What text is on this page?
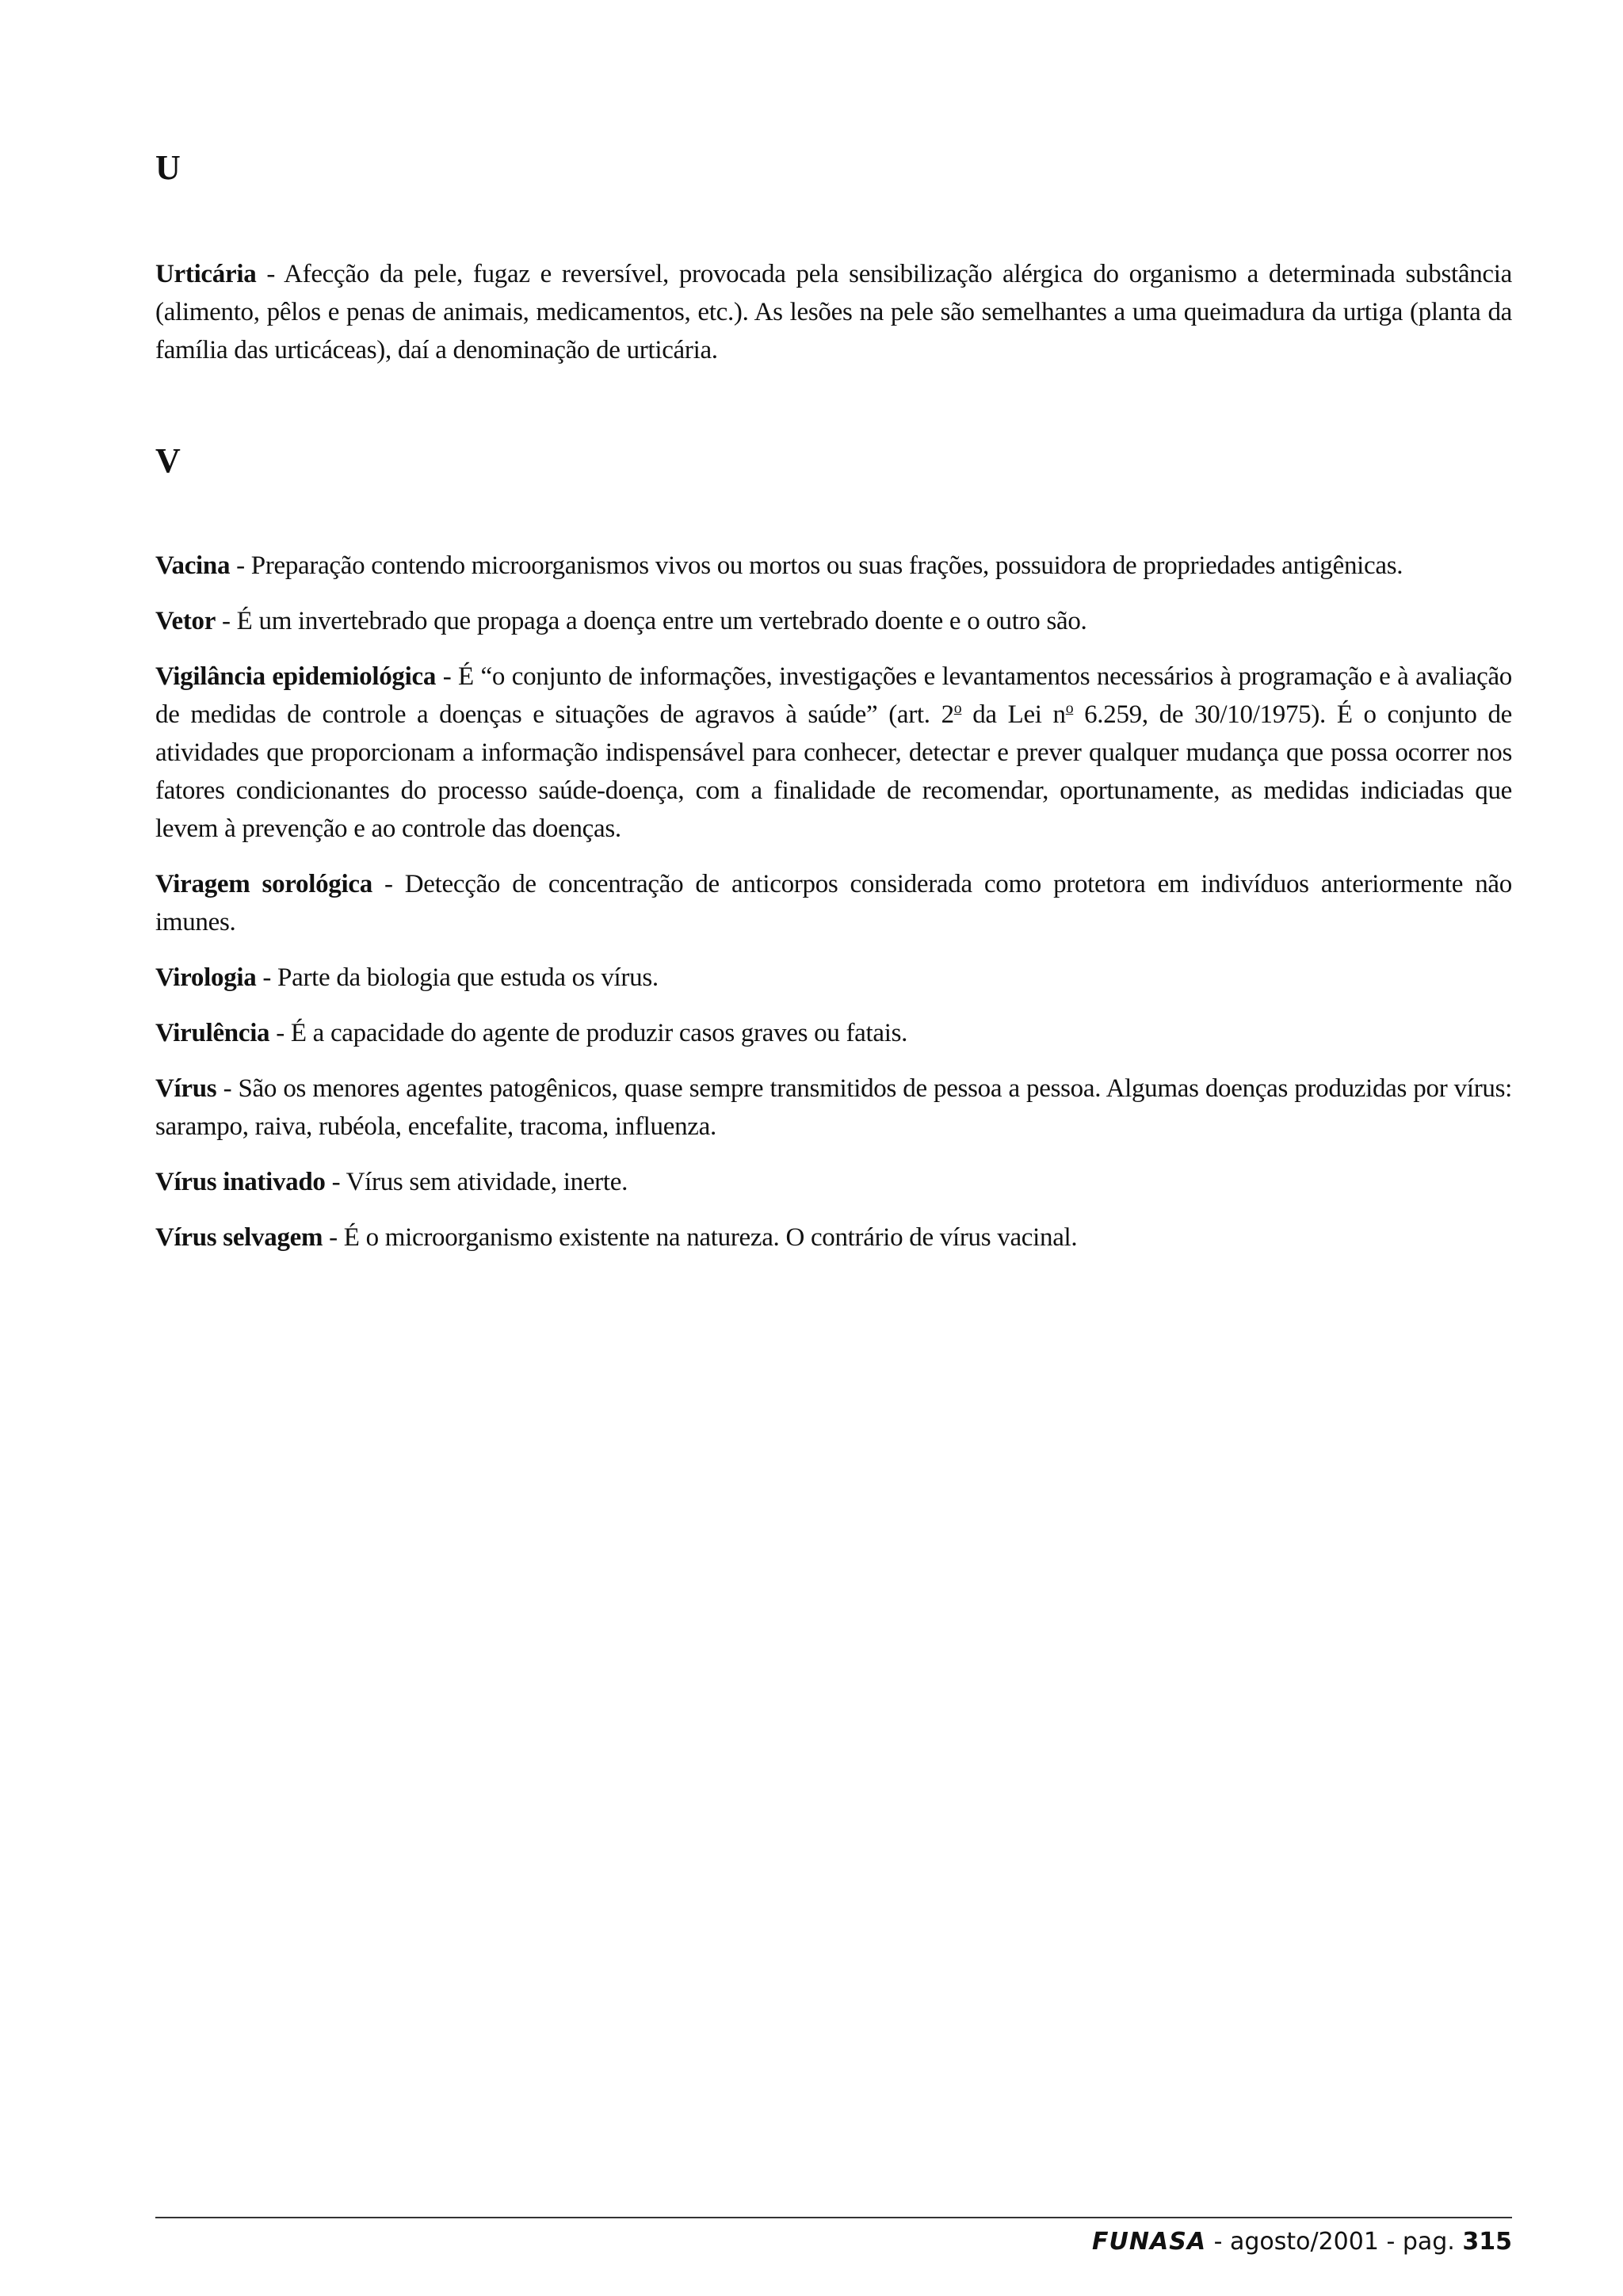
U

Urticária - Afecção da pele, fugaz e reversível, provocada pela sensibilização alérgica do organismo a determinada substância (alimento, pêlos e penas de animais, medicamentos, etc.). As lesões na pele são semelhantes a uma queimadura da urtiga (planta da família das urticáceas), daí a denominação de urticária.

V

Vacina - Preparação contendo microorganismos vivos ou mortos ou suas frações, possuidora de propriedades antigênicas.

Vetor - É um invertebrado que propaga a doença entre um vertebrado doente e o outro são.

Vigilância epidemiológica - É “o conjunto de informações, investigações e levantamentos necessários à programação e à avaliação de medidas de controle a doenças e situações de agravos à saúde” (art. 2$^o$ da Lei $n^o$ 6.259, de 30/10/1975). É o conjunto de atividades que proporcionam a informação indispensável para conhecer, detectar e prever qualquer mudança que possa ocorrer nos fatores condicionantes do processo saúde-doença, com a finalidade de recomendar, oportunamente, as medidas indiciadas que levem à prevenção e ao controle das doenças.

Viragem sorológica - Detecção de concentração de anticorpos considerada como protetora em indivíduos anteriormente não imunes.

Virologia - Parte da biologia que estuda os vírus.

Virulência - É a capacidade do agente de produzir casos graves ou fatais.

Vírus - São os menores agentes patogênicos, quase sempre transmitidos de pessoa a pessoa. Algumas doenças produzidas por vírus: sarampo, raiva, rubéola, encefalite, tracoma, influenza.

Vírus inativado - Vírus sem atividade, inerte.

Vírus selvagem - É o microorganismo existente na natureza. O contrário de vírus vacinal.

FUNASA - agosto/2001 - pag. 315
